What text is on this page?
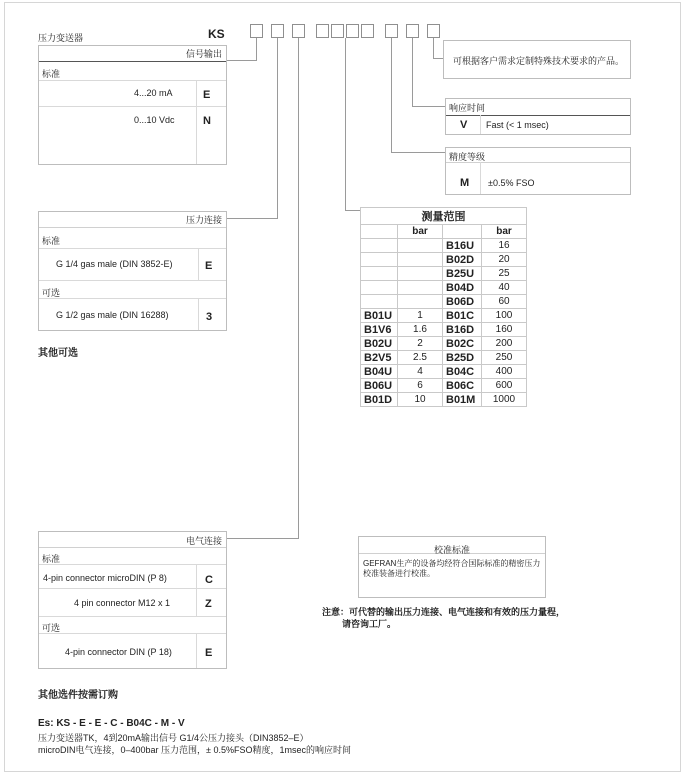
压力变送器	KS
信号输出
标准
4...20 mA	E
0...10 Vdc	N
压力连接
标准
G 1/4 gas male (DIN 3852-E)	E
可选
G 1/2 gas male (DIN 16288)	3
其他可选
可根据客户需求定制特殊技术要求的产品。
响应时间
V Fast (< 1 msec)
精度等级
M ±0.5% FSO
测量范围			
	bar		bar
		B16U	16
		B02D	20
		B25U	25
		B04D	40
		B06D	60
B01U	1	B01C	100
B1V6	1.6	B16D	160
B02U	2	B02C	200
B2V5	2.5	B25D	250
B04U	4	B04C	400
B06U	6	B06C	600
B01D	10	B01M	1000
电气连接
标准
4-pin connector microDIN (P 8)	C
4 pin connector M12 x 1	Z
可选
4-pin connector DIN (P 18)	E
校准标准
GEFRAN生产的设备均经符合国际标准的精密压力校准装备进行校准。
注意：可代替的输出压力连接、电气连接和有效的压力量程，
请咨询工厂。
其他选件按需订购
Es: KS - E - E - C - B04C - M - V
压力变送器TK，4到20mA输出信号 G1/4公压力接头（DIN3852–E）
microDIN电气连接，0–400bar 压力范围，± 0.5%FSO精度，1msec的响应时间
